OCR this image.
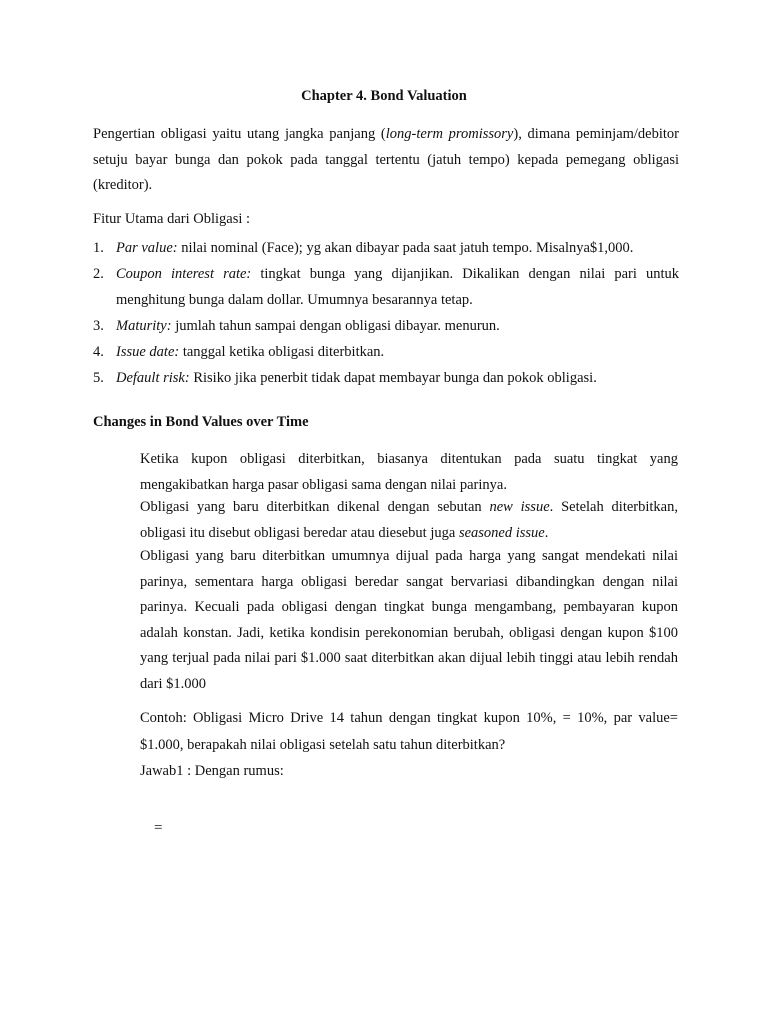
Chapter 4. Bond Valuation

Pengertian obligasi yaitu utang jangka panjang (long-term promissory), dimana peminjam/debitor setuju bayar bunga dan pokok pada tanggal tertentu (jatuh tempo) kepada pemegang obligasi (kreditor).

Fitur Utama dari Obligasi :
1. Par value: nilai nominal (Face); yg akan dibayar pada saat jatuh tempo. Misalnya$1,000.
2. Coupon interest rate: tingkat bunga yang dijanjikan. Dikalikan dengan nilai pari untuk menghitung bunga dalam dollar. Umumnya besarannya tetap.
3. Maturity: jumlah tahun sampai dengan obligasi dibayar. menurun.
4. Issue date: tanggal ketika obligasi diterbitkan.
5. Default risk: Risiko jika penerbit tidak dapat membayar bunga dan pokok obligasi.
Changes in Bond Values over Time

Ketika kupon obligasi diterbitkan, biasanya ditentukan pada suatu tingkat yang mengakibatkan harga pasar obligasi sama dengan nilai parinya.

Obligasi yang baru diterbitkan dikenal dengan sebutan new issue. Setelah diterbitkan, obligasi itu disebut obligasi beredar atau diesebut juga seasoned issue.

Obligasi yang baru diterbitkan umumnya dijual pada harga yang sangat mendekati nilai parinya, sementara harga obligasi beredar sangat bervariasi dibandingkan dengan nilai parinya. Kecuali pada obligasi dengan tingkat bunga mengambang, pembayaran kupon adalah konstan. Jadi, ketika kondisin perekonomian berubah, obligasi dengan kupon $100 yang terjual pada nilai pari $1.000 saat diterbitkan akan dijual lebih tinggi atau lebih rendah dari $1.000

Contoh: Obligasi Micro Drive 14 tahun dengan tingkat kupon 10%, = 10%, par value= $1.000, berapakah nilai obligasi setelah satu tahun diterbitkan?

Jawab1 : Dengan rumus:

=
